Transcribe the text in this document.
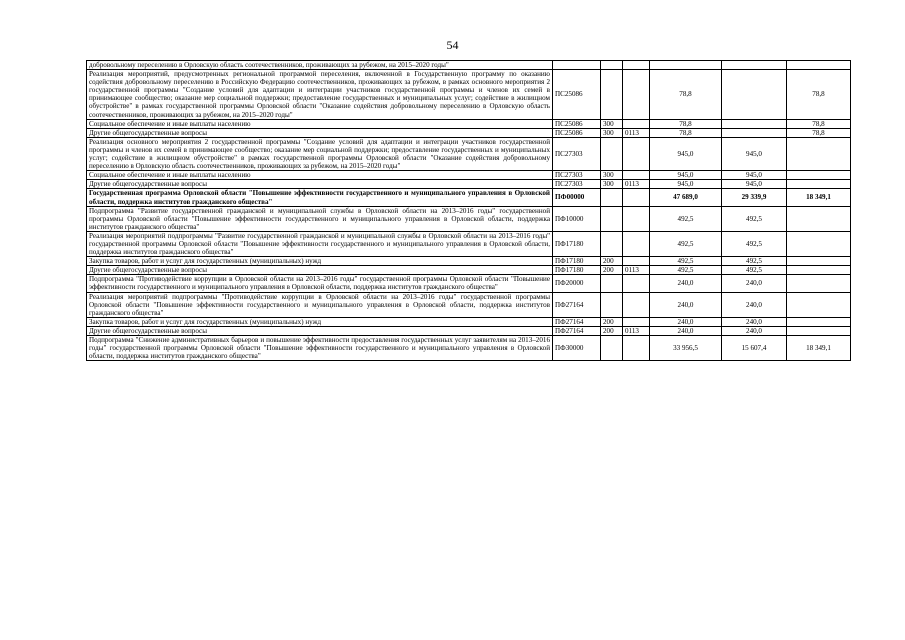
54
добровольному переселению в Орловскую область соотечественников, проживающих за рубежом, на 2015–2020 годы"						
Реализация мероприятий, предусмотренных региональной программой переселения, включенной в Государственную программу по оказанию содействия добровольному переселению в Российскую Федерацию соотечественников, проживающих за рубежом, в рамках основного мероприятия 2 государственной программы "Создание условий для адаптации и интеграции участников государственной программы и членов их семей в принимающее сообщество; оказание мер социальной поддержки; предоставление государственных и муниципальных услуг; содействие в жилищном обустройстве" в рамках государственной программы Орловской области "Оказание содействия добровольному переселению в Орловскую область соотечественников, проживающих за рубежом, на 2015–2020 годы"	ПС25086			78,8		78,8
Социальное обеспечение и иные выплаты населению	ПС25086	300		78,8		78,8
Другие общегосударственные вопросы	ПС25086	300	0113	78,8		78,8
Реализация основного мероприятия 2 государственной программы "Создание условий для адаптации и интеграции участников государственной программы и членов их семей в принимающее сообщество; оказание мер социальной поддержки; предоставление государственных и муниципальных услуг; содействие в жилищном обустройстве" в рамках государственной программы Орловской области "Оказание содействия добровольному переселению в Орловскую область соотечественников, проживающих за рубежом, на 2015–2020 годы"	ПС27303			945,0	945,0	
Социальное обеспечение и иные выплаты населению	ПС27303	300		945,0	945,0	
Другие общегосударственные вопросы	ПС27303	300	0113	945,0	945,0	
Государственная программа Орловской области "Повышение эффективности государственного и муниципального управления в Орловской области, поддержка институтов гражданского общества"	ПФ00000			47 689,0	29 339,9	18 349,1
Подпрограмма "Развитие государственной гражданской и муниципальной службы в Орловской области на 2013–2016 годы" государственной программы Орловской области "Повышение эффективности государственного и муниципального управления в Орловской области, поддержка институтов гражданского общества"	ПФ10000			492,5	492,5	
Реализация мероприятий подпрограммы "Развитие государственной гражданской и муниципальной службы в Орловской области на 2013–2016 годы" государственной программы Орловской области "Повышение эффективности государственного и муниципального управления в Орловской области, поддержка институтов гражданского общества"	ПФ17180			492,5	492,5	
Закупка товаров, работ и услуг для государственных (муниципальных) нужд	ПФ17180	200		492,5	492,5	
Другие общегосударственные вопросы	ПФ17180	200	0113	492,5	492,5	
Подпрограмма "Противодействие коррупции в Орловской области на 2013–2016 годы" государственной программы Орловской области "Повышение эффективности государственного и муниципального управления в Орловской области, поддержка институтов гражданского общества"	ПФ20000			240,0	240,0	
Реализация мероприятий подпрограммы "Противодействие коррупции в Орловской области на 2013–2016 годы" государственной программы Орловской области "Повышение эффективности государственного и муниципального управления в Орловской области, поддержка институтов гражданского общества"	ПФ27164			240,0	240,0	
Закупка товаров, работ и услуг для государственных (муниципальных) нужд	ПФ27164	200		240,0	240,0	
Другие общегосударственные вопросы	ПФ27164	200	0113	240,0	240,0	
Подпрограмма "Снижение административных барьеров и повышение эффективности предоставления государственных услуг заявителям на 2013–2016 годы" государственной программы Орловской области "Повышение эффективности государственного и муниципального управления в Орловской области, поддержка институтов гражданского общества"	ПФ30000			33 956,5	15 607,4	18 349,1
